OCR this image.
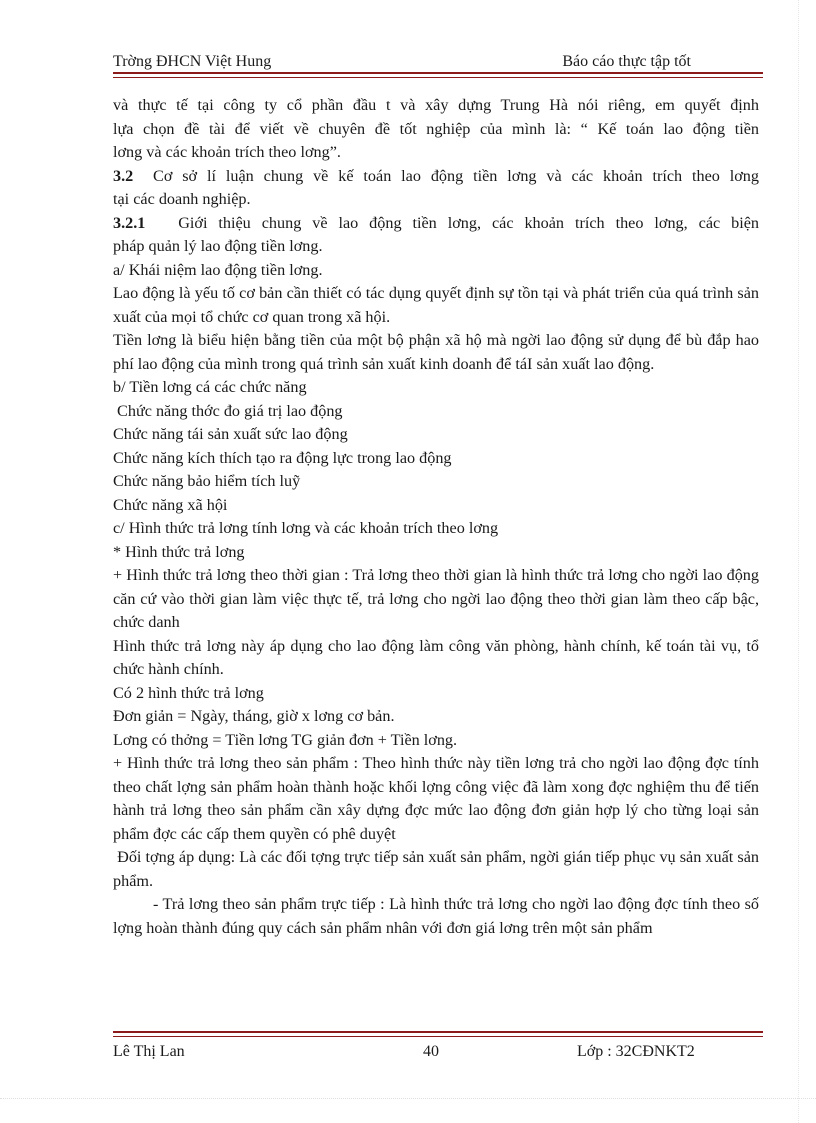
Trờng ĐHCN Việt Hung	Báo cáo thực tập tốt

và thực tế tại công ty cổ phần đầu t và xây dựng Trung Hà nói riêng, em quyết định

lựa chọn đề tài để viết về chuyên đề tốt nghiệp của mình là: “ Kế toán lao động tiền

lơng và các khoản trích theo lơng”.

3.2 Cơ sở lí luận chung về kế toán lao động tiền lơng và các khoản trích theo lơng

tại các doanh nghiệp.

3.2.1 Giới thiệu chung về lao động tiền lơng, các khoản trích theo lơng, các biện

pháp quản lý lao động tiền lơng.

a/ Khái niệm lao động tiền lơng.

Lao động là yếu tố cơ bản cần thiết có tác dụng quyết định sự tồn tại và phát triển của quá trình sản xuất của mọi tổ chức cơ quan trong xã hội.

Tiền lơng là biểu hiện bằng tiền của một bộ phận xã hộ mà ngời lao động sử dụng để bù đắp hao phí lao động của mình trong quá trình sản xuất kinh doanh để táI sản xuất lao động.

b/ Tiền lơng cá các chức năng

Chức năng thớc đo giá trị lao động

Chức năng tái sản xuất sức lao động

Chức năng kích thích tạo ra động lực trong lao động

Chức năng bảo hiểm tích luỹ

Chức năng xã hội

c/ Hình thức trả lơng tính lơng và các khoản trích theo lơng

* Hình thức trả lơng

+ Hình thức trả lơng theo thời gian : Trả lơng theo thời gian là hình thức trả lơng cho ngời lao động căn cứ vào thời gian làm việc thực tế, trả lơng cho ngời lao động theo thời gian làm theo cấp bậc, chức danh

Hình thức trả lơng này áp dụng cho lao động làm công văn phòng, hành chính, kế toán tài vụ, tổ chức hành chính.

Có 2 hình thức trả lơng

Đơn giản = Ngày, tháng, giờ x lơng cơ bản.

Lơng có thởng = Tiền lơng TG giản đơn + Tiền lơng.

+ Hình thức trả lơng theo sản phẩm : Theo hình thức này tiền lơng trả cho ngời lao động đợc tính theo chất lợng sản phẩm hoàn thành hoặc khối lợng công việc đã làm xong đợc nghiệm thu để tiến hành trả lơng theo sản phẩm cần xây dựng đợc mức lao động đơn giản hợp lý cho từng loại sản phẩm đợc các cấp them quyền có phê duyệt

Đối tợng áp dụng: Là các đối tợng trực tiếp sản xuất sản phẩm, ngời gián tiếp phục vụ sản xuất sản phẩm.

- Trả lơng theo sản phẩm trực tiếp : Là hình thức trả lơng cho ngời lao động đợc tính theo số lợng hoàn thành đúng quy cách sản phẩm nhân với đơn giá lơng trên một sản phẩm

Lê Thị Lan	40	Lớp : 32CĐNKT2
